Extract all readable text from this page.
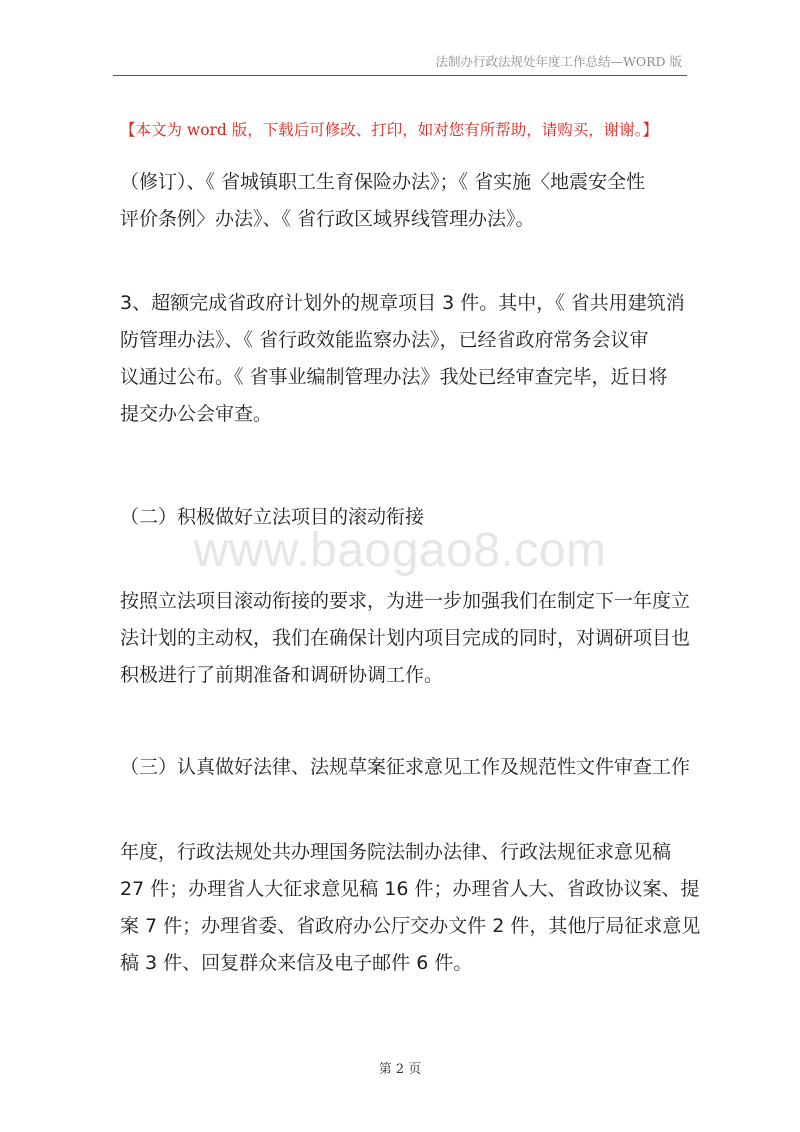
法制办行政法规处年度工作总结—WORD 版
【本文为 word 版，下载后可修改、打印，如对您有所帮助，请购买，谢谢。】
（修订）、《 省城镇职工生育保险办法》；《 省实施〈地震安全性
评价条例〉办法》、《 省行政区域界线管理办法》。
3、超额完成省政府计划外的规章项目 3 件。其中，《 省共用建筑消
防管理办法》、《 省行政效能监察办法》，已经省政府常务会议审
议通过公布。《 省事业编制管理办法》我处已经审查完毕，近日将
提交办公会审查。
（二）积极做好立法项目的滚动衔接
www.baogao8.com
按照立法项目滚动衔接的要求，为进一步加强我们在制定下一年度立
法计划的主动权，我们在确保计划内项目完成的同时，对调研项目也
积极进行了前期准备和调研协调工作。
（三）认真做好法律、法规草案征求意见工作及规范性文件审查工作
年度，行政法规处共办理国务院法制办法律、行政法规征求意见稿
27 件；办理省人大征求意见稿 16 件；办理省人大、省政协议案、提
案 7 件；办理省委、省政府办公厅交办文件 2 件，其他厅局征求意见
稿 3 件、回复群众来信及电子邮件 6 件。
第 2 页
